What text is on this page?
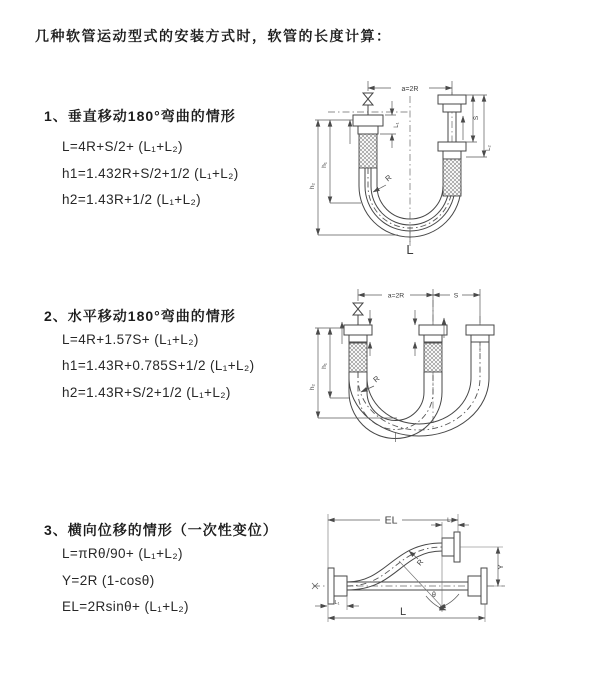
几种软管运动型式的安装方式时，软管的长度计算：
1、垂直移动180°弯曲的情形
L=4R+S/2+ (L₁+L₂)
h1=1.432R+S/2+1/2 (L₁+L₂)
h2=1.43R+1/2 (L₁+L₂)
a=2R
h₁
h₂
L₁
S
L₂
R
L
2、水平移动180°弯曲的情形
L=4R+1.57S+ (L₁+L₂)
h1=1.43R+0.785S+1/2 (L₁+L₂)
h2=1.43R+S/2+1/2 (L₁+L₂)
a=2R	S
h₁
h₂
R
3、横向位移的情形（一次性变位）
L=πRθ/90+ (L₁+L₂)
Y=2R (1-cosθ)
EL=2Rsinθ+ (L₁+L₂)
θ
R
EL	L₂
Y
L₁
L
